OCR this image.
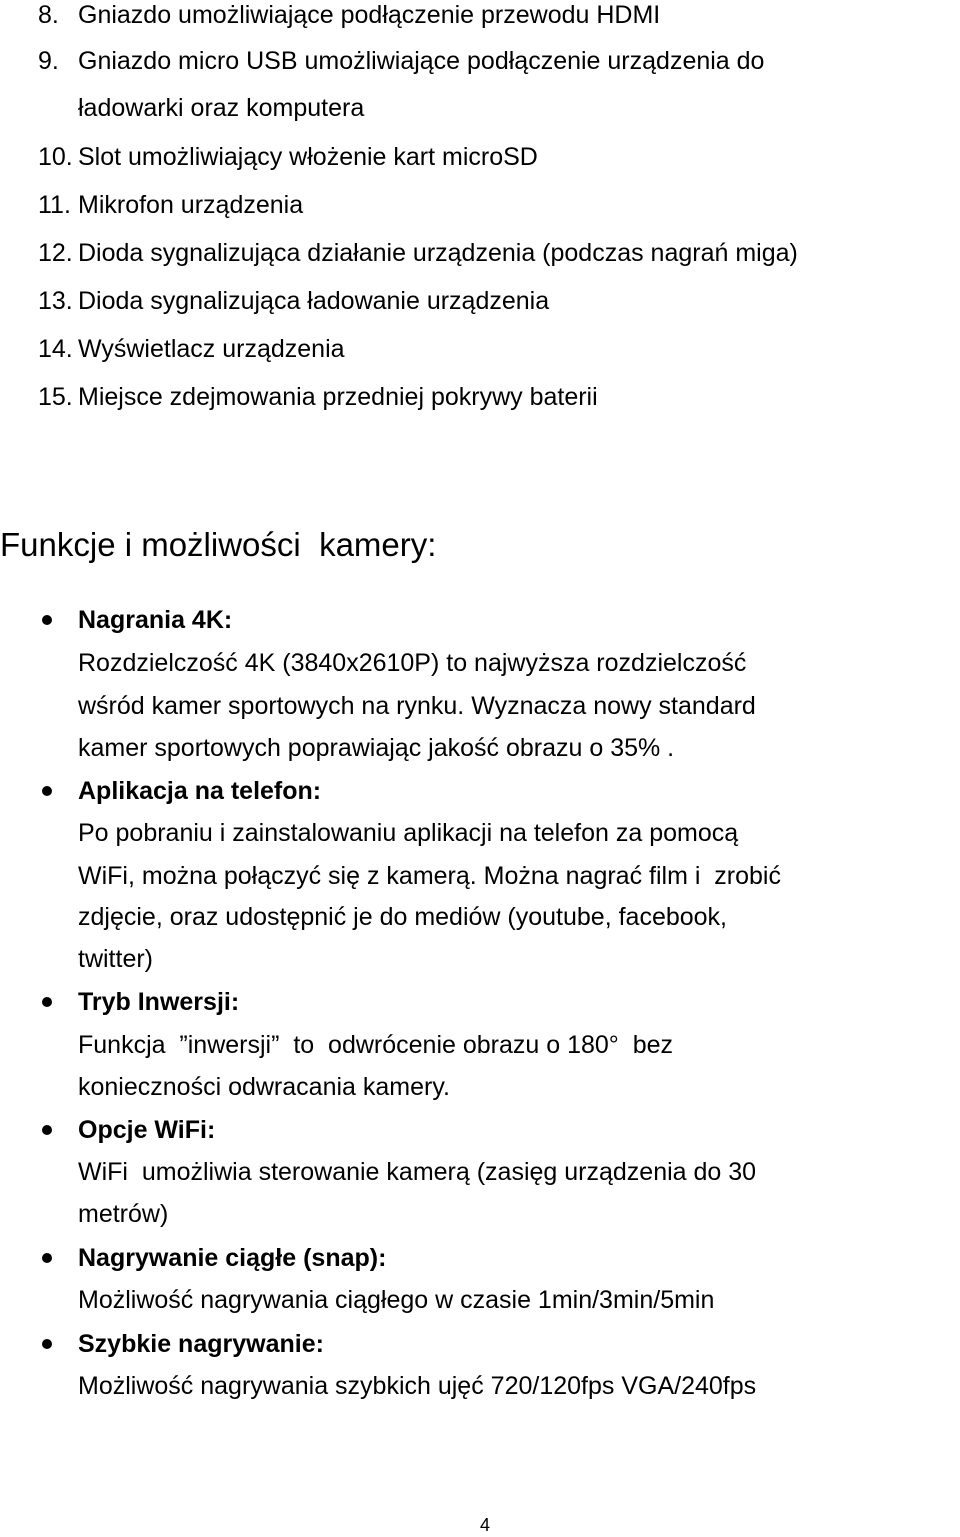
8. Gniazdo umożliwiające podłączenie przewodu HDMI
9. Gniazdo micro USB umożliwiające podłączenie urządzenia do
ładowarki oraz komputera
10. Slot umożliwiający włożenie kart microSD
11. Mikrofon urządzenia
12. Dioda sygnalizująca działanie urządzenia (podczas nagrań miga)
13. Dioda sygnalizująca ładowanie urządzenia
14. Wyświetlacz urządzenia
15. Miejsce zdejmowania przedniej pokrywy baterii
Funkcje i możliwości  kamery:
Nagrania 4K:
Rozdzielczość 4K (3840x2610P) to najwyższa rozdzielczość
wśród kamer sportowych na rynku. Wyznacza nowy standard
kamer sportowych poprawiając jakość obrazu o 35% .
Aplikacja na telefon:
Po pobraniu i zainstalowaniu aplikacji na telefon za pomocą
WiFi, można połączyć się z kamerą. Można nagrać film i  zrobić
zdjęcie, oraz udostępnić je do mediów (youtube, facebook,
twitter)
Tryb Inwersji:
Funkcja  ”inwersji”  to  odwrócenie obrazu o 180°  bez
konieczności odwracania kamery.
Opcje WiFi:
WiFi  umożliwia sterowanie kamerą (zasięg urządzenia do 30
metrów)
Nagrywanie ciągłe (snap):
Możliwość nagrywania ciągłego w czasie 1min/3min/5min
Szybkie nagrywanie:
Możliwość nagrywania szybkich ujęć 720/120fps VGA/240fps
4
